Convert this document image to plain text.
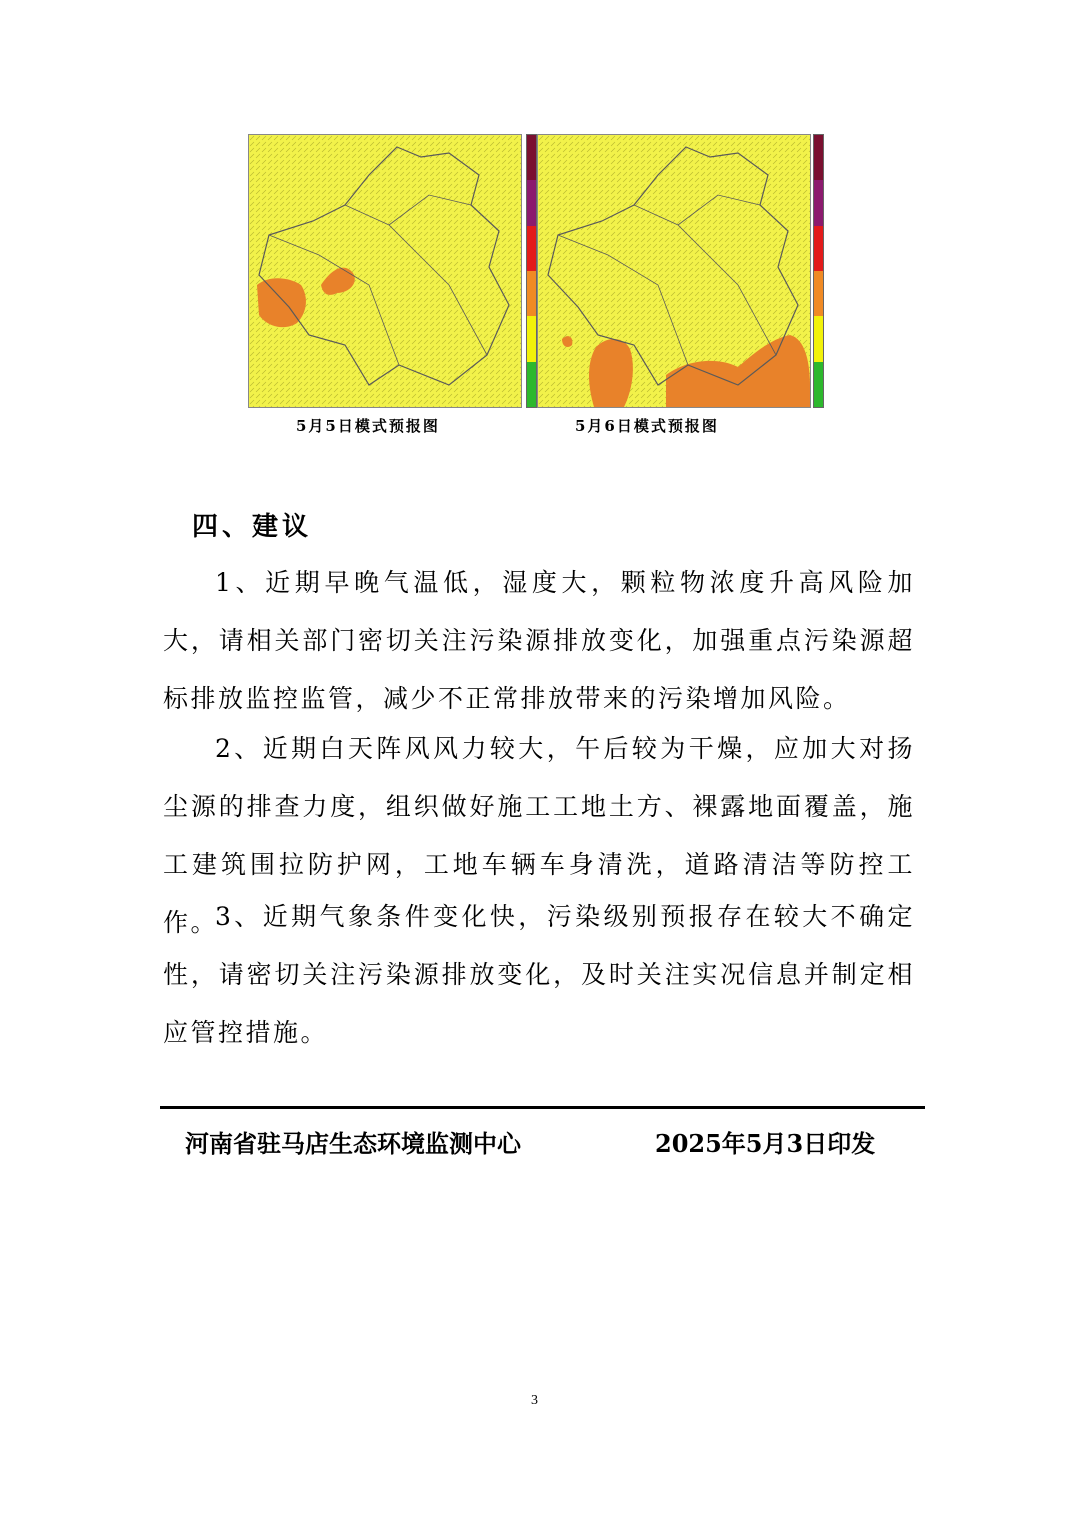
5月5日模式预报图	5月6日模式预报图
四、建议

1、近期早晚气温低，湿度大，颗粒物浓度升高风险加大，请相关部门密切关注污染源排放变化，加强重点污染源超标排放监控监管，减少不正常排放带来的污染增加风险。

2、近期白天阵风风力较大，午后较为干燥，应加大对扬尘源的排查力度，组织做好施工工地土方、裸露地面覆盖，施工建筑围拉防护网，工地车辆车身清洗，道路清洁等防控工作。

3、近期气象条件变化快，污染级别预报存在较大不确定性，请密切关注污染源排放变化，及时关注实况信息并制定相应管控措施。

河南省驻马店生态环境监测中心	2025年5月3日印发
3
